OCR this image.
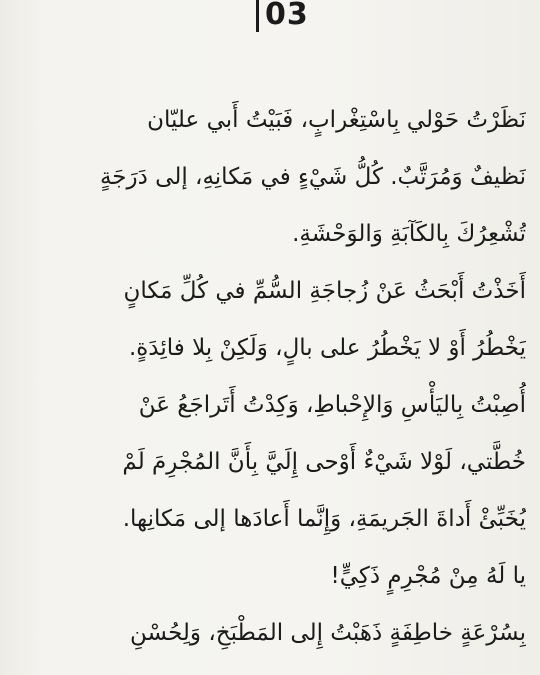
03
نَظَرْتُ حَوْلي بِاسْتِغْرابٍ، فَبَيْتُ أَبي عليّان
نَظيفٌ وَمُرَتَّبٌ. كُلُّ شَيْءٍ في مَكانِهِ، إلى دَرَجَةٍ
تُشْعِرُكَ بِالكَآبَةِ وَالوَحْشَةِ.
أَخَذْتُ أَبْحَثُ عَنْ زُجاجَةِ السُّمِّ في كُلِّ مَكانٍ
يَخْطُرُ أَوْ لا يَخْطُرُ على بالٍ، وَلَكِنْ بِلا فائِدَةٍ.
أُصِبْتُ بِاليَأْسِ وَالإِحْباطِ، وَكِدْتُ أَتَراجَعُ عَنْ
خُطَّتي، لَوْلا شَيْءٌ أَوْحى إِلَيَّ بِأَنَّ المُجْرِمَ لَمْ
يُخَبِّئْ أَداةَ الجَريمَةِ، وَإِنَّما أَعادَها إلى مَكانِها.
يا لَهُ مِنْ مُجْرِمٍ ذَكِيٍّ!
بِسُرْعَةٍ خاطِفَةٍ ذَهَبْتُ إِلى المَطْبَخِ، وَلِحُسْنِ
